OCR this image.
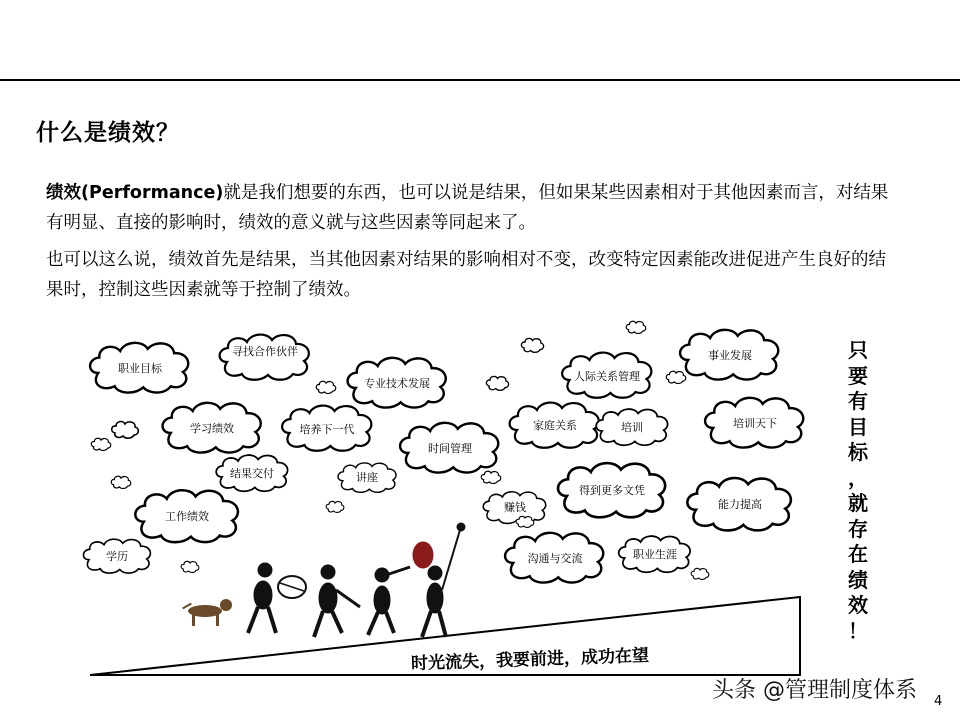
什么是绩效？
绩效(Performance)就是我们想要的东西，也可以说是结果，但如果某些因素相对于其他因素而言，对结果有明显、直接的影响时，绩效的意义就与这些因素等同起来了。
也可以这么说，绩效首先是结果，当其他因素对结果的影响相对不变，改变特定因素能改进促进产生良好的结果时，控制这些因素就等于控制了绩效。
职业目标
寻找合作伙伴
专业技术发展
人际关系管理
事业发展
学习绩效	培养下一代
时间管理
家庭关系	培训	培训天下
结果交付	讲座
赚钱
得到更多文凭
能力提高
工作绩效
学历	沟通与交流	职业生涯
时光流失，我要前进，成功在望
只
要
有
目
标
，
就
存
在
绩
效
！
头条 @管理制度体系 4
